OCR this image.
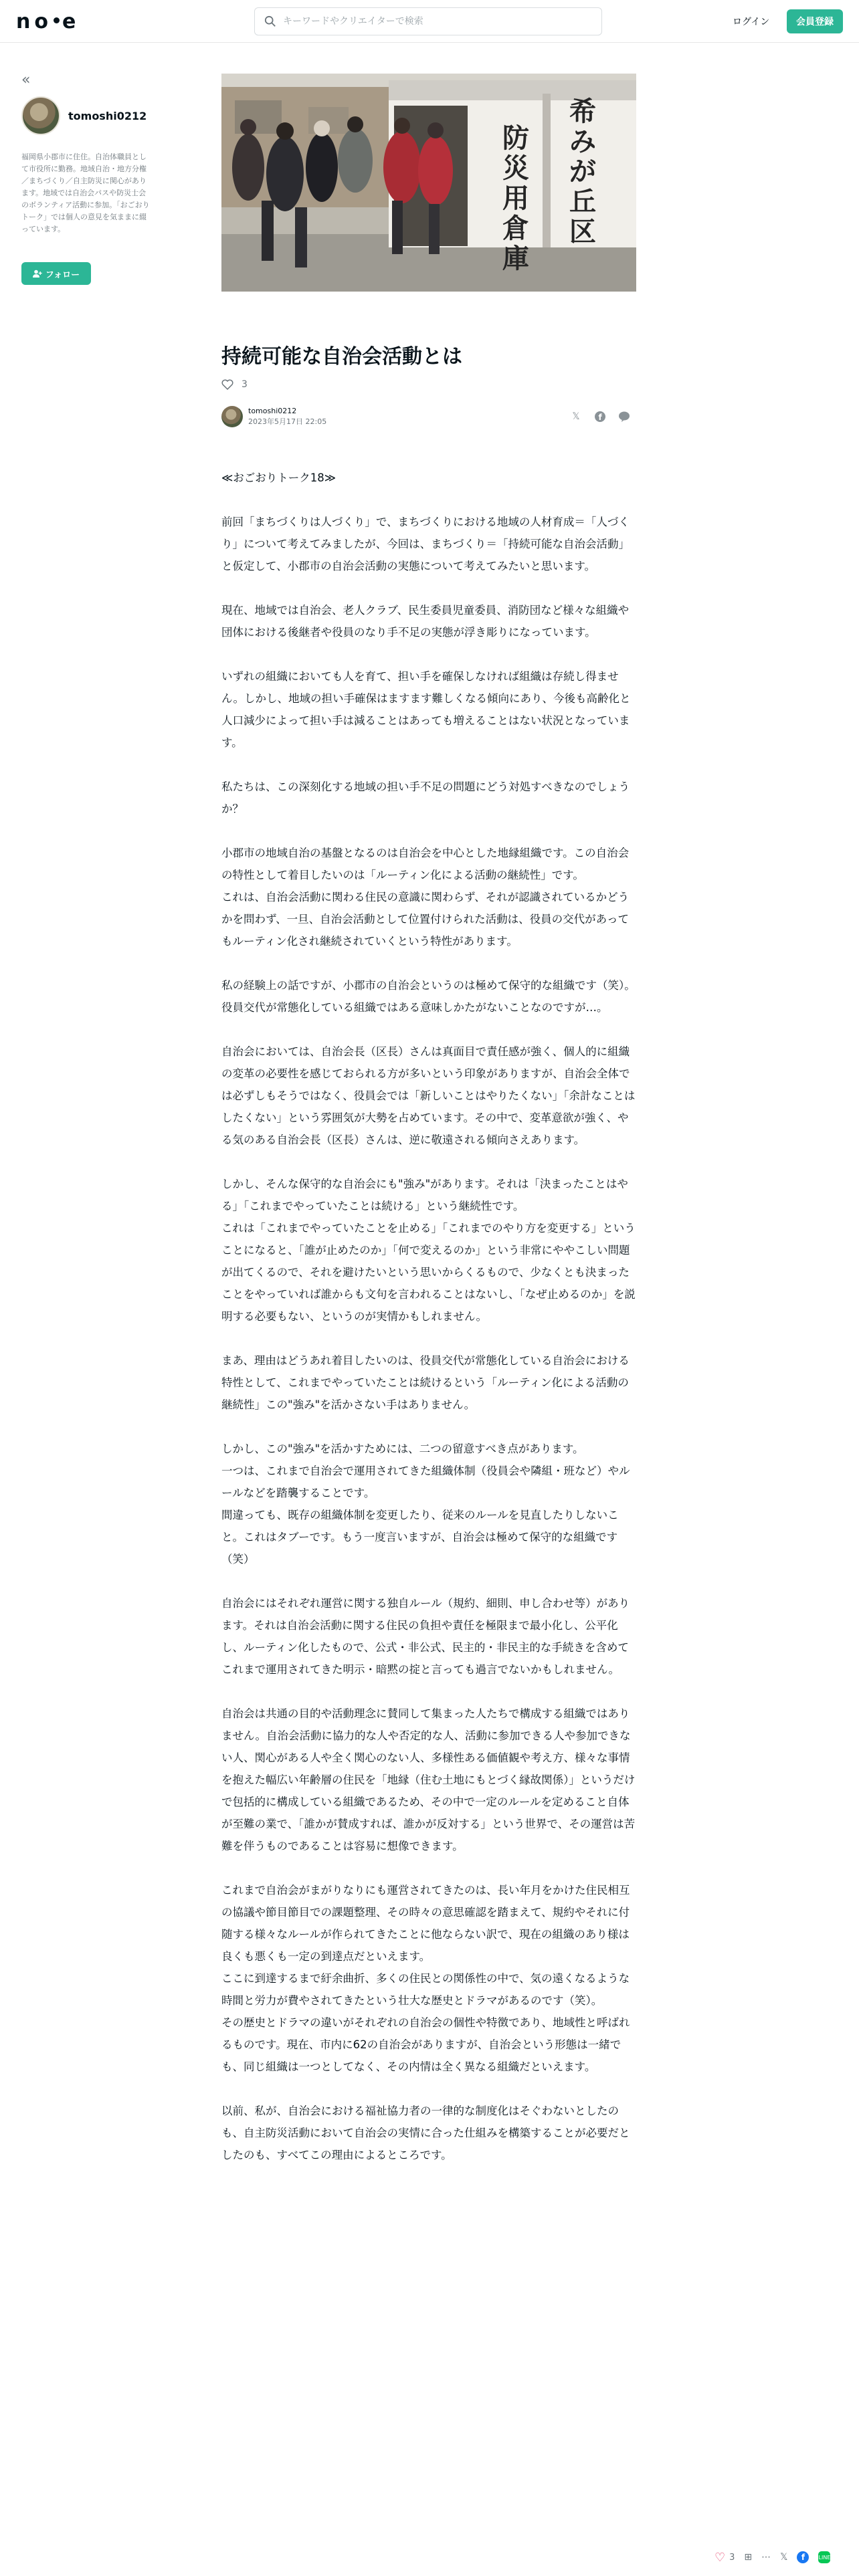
no e
キーワードやクリエイターで検索	ログイン	会員登録
«
tomoshi0212
福岡県小郡市に住住。自治体職員として市役所に勤務。地域自治・地方分権／まちづくり／自主防災に関心があります。地域では自治会パスや防災士会のボランティア活動に参加。「おごおりトーク」では個人の意見を気ままに綴っています。
フォロー
希
み
が
丘
区
防
災
用
倉
庫
持続可能な自治会活動とは
3
tomoshi0212
2023年5月17日 22:05	𝕏 f

≪おごおりトーク18≫

前回「まちづくりは人づくり」で、まちづくりにおける地域の人材育成＝「人づくり」について考えてみましたが、今回は、まちづくり＝「持続可能な自治会活動」と仮定して、小郡市の自治会活動の実態について考えてみたいと思います。

現在、地域では自治会、老人クラブ、民生委員児童委員、消防団など様々な組織や団体における後継者や役員のなり手不足の実態が浮き彫りになっています。

いずれの組織においても人を育て、担い手を確保しなければ組織は存続し得ません。しかし、地域の担い手確保はますます難しくなる傾向にあり、今後も高齢化と人口減少によって担い手は減ることはあっても増えることはない状況となっています。

私たちは、この深刻化する地域の担い手不足の問題にどう対処すべきなのでしょうか？

小郡市の地域自治の基盤となるのは自治会を中心とした地縁組織です。この自治会の特性として着目したいのは「ルーティン化による活動の継続性」です。
これは、自治会活動に関わる住民の意識に関わらず、それが認識されているかどうかを問わず、一旦、自治会活動として位置付けられた活動は、役員の交代があってもルーティン化され継続されていくという特性があります。

私の経験上の話ですが、小郡市の自治会というのは極めて保守的な組織です（笑）。
役員交代が常態化している組織ではある意味しかたがないことなのですが…。

自治会においては、自治会長（区長）さんは真面目で責任感が強く、個人的に組織の変革の必要性を感じておられる方が多いという印象がありますが、自治会全体では必ずしもそうではなく、役員会では「新しいことはやりたくない」「余計なことはしたくない」という雰囲気が大勢を占めています。その中で、変革意欲が強く、やる気のある自治会長（区長）さんは、逆に敬遠される傾向さえあります。

しかし、そんな保守的な自治会にも"強み"があります。それは「決まったことはやる」「これまでやっていたことは続ける」という継続性です。
これは「これまでやっていたことを止める」「これまでのやり方を変更する」ということになると、「誰が止めたのか」「何で変えるのか」という非常にややこしい問題が出てくるので、それを避けたいという思いからくるもので、少なくとも決まったことをやっていれば誰からも文句を言われることはないし、「なぜ止めるのか」を説明する必要もない、というのが実情かもしれません。

まあ、理由はどうあれ着目したいのは、役員交代が常態化している自治会における特性として、これまでやっていたことは続けるという「ルーティン化による活動の継続性」この"強み"を活かさない手はありません。

しかし、この"強み"を活かすためには、二つの留意すべき点があります。
一つは、これまで自治会で運用されてきた組織体制（役員会や隣組・班など）やルールなどを踏襲することです。
間違っても、既存の組織体制を変更したり、従来のルールを見直したりしないこと。これはタブーです。もう一度言いますが、自治会は極めて保守的な組織です（笑）

自治会にはそれぞれ運営に関する独自ルール（規約、細則、申し合わせ等）があります。それは自治会活動に関する住民の負担や責任を極限まで最小化し、公平化し、ルーティン化したもので、公式・非公式、民主的・非民主的な手続きを含めてこれまで運用されてきた明示・暗黙の掟と言っても過言でないかもしれません。

自治会は共通の目的や活動理念に賛同して集まった人たちで構成する組織ではありません。自治会活動に協力的な人や否定的な人、活動に参加できる人や参加できない人、関心がある人や全く関心のない人、多様性ある価値観や考え方、様々な事情を抱えた幅広い年齢層の住民を「地縁（住む土地にもとづく縁故関係）」というだけで包括的に構成している組織であるため、その中で一定のルールを定めること自体が至難の業で、「誰かが賛成すれば、誰かが反対する」という世界で、その運営は苦難を伴うものであることは容易に想像できます。

これまで自治会がまがりなりにも運営されてきたのは、長い年月をかけた住民相互の協議や節目節目での課題整理、その時々の意思確認を踏まえて、規約やそれに付随する様々なルールが作られてきたことに他ならない訳で、現在の組織のあり様は良くも悪くも一定の到達点だといえます。
ここに到達するまで紆余曲折、多くの住民との関係性の中で、気の遠くなるような時間と労力が費やされてきたという壮大な歴史とドラマがあるのです（笑）。
その歴史とドラマの違いがそれぞれの自治会の個性や特徴であり、地域性と呼ばれるものです。現在、市内に62の自治会がありますが、自治会という形態は一緒でも、同じ組織は一つとしてなく、その内情は全く異なる組織だといえます。

以前、私が、自治会における福祉協力者の一律的な制度化はそぐわないとしたのも、自主防災活動において自治会の実情に合った仕組みを構築することが必要だとしたのも、すべてこの理由によるところです。

♡ 3 ⊞ ⋯ 𝕏	f	LINE
